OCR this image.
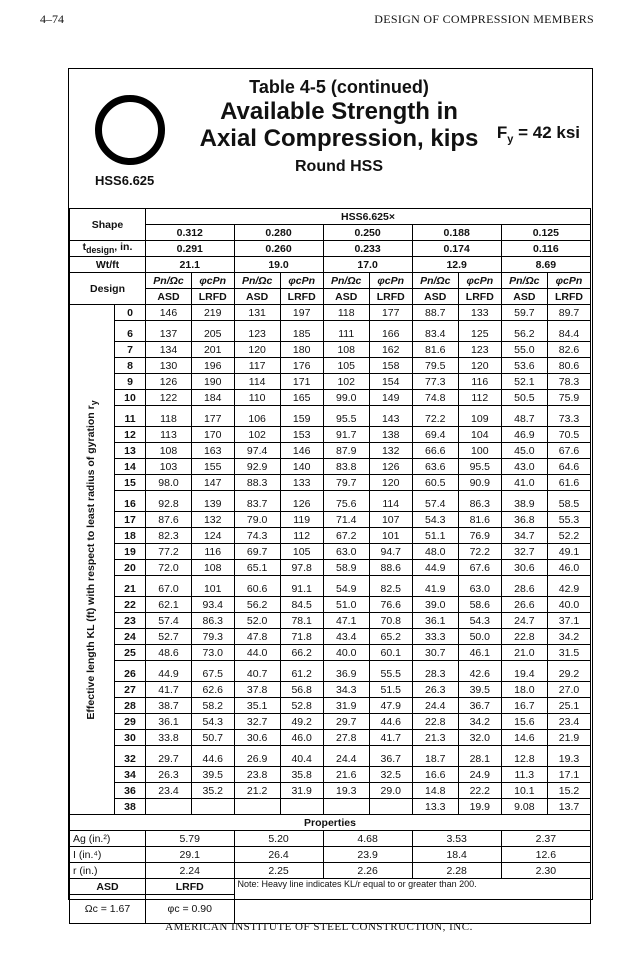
4–74	DESIGN OF COMPRESSION MEMBERS
HSS6.625
Table 4-5 (continued)
Available Strength in
Axial Compression, kips
Round HSS
$F_y = 42$ ksi
Shape		HSS6.625×									
		0.312		0.280		0.250		0.188		0.125	
$t_{design}$, in.		0.291		0.260		0.233		0.174		0.116	
Wt/ft		21.1		19.0		17.0		12.9		8.69	
Design		Pn/Ωc	φcPn	Pn/Ωc	φcPn	Pn/Ωc	φcPn	Pn/Ωc	φcPn	Pn/Ωc	φcPn
		ASD	LRFD	ASD	LRFD	ASD	LRFD	ASD	LRFD	ASD	LRFD

Effective length KL (ft) with respect to least radius of gyration $r_y$	0	146	219	131	197	118	177	88.7	133	59.7	89.7
	6	137	205	123	185	111	166	83.4	125	56.2	84.4
	7	134	201	120	180	108	162	81.6	123	55.0	82.6
	8	130	196	117	176	105	158	79.5	120	53.6	80.6
	9	126	190	114	171	102	154	77.3	116	52.1	78.3
	10	122	184	110	165	99.0	149	74.8	112	50.5	75.9
	11	118	177	106	159	95.5	143	72.2	109	48.7	73.3
	12	113	170	102	153	91.7	138	69.4	104	46.9	70.5
	13	108	163	97.4	146	87.9	132	66.6	100	45.0	67.6
	14	103	155	92.9	140	83.8	126	63.6	95.5	43.0	64.6
	15	98.0	147	88.3	133	79.7	120	60.5	90.9	41.0	61.6
	16	92.8	139	83.7	126	75.6	114	57.4	86.3	38.9	58.5
	17	87.6	132	79.0	119	71.4	107	54.3	81.6	36.8	55.3
	18	82.3	124	74.3	112	67.2	101	51.1	76.9	34.7	52.2
	19	77.2	116	69.7	105	63.0	94.7	48.0	72.2	32.7	49.1
	20	72.0	108	65.1	97.8	58.9	88.6	44.9	67.6	30.6	46.0
	21	67.0	101	60.6	91.1	54.9	82.5	41.9	63.0	28.6	42.9
	22	62.1	93.4	56.2	84.5	51.0	76.6	39.0	58.6	26.6	40.0
	23	57.4	86.3	52.0	78.1	47.1	70.8	36.1	54.3	24.7	37.1
	24	52.7	79.3	47.8	71.8	43.4	65.2	33.3	50.0	22.8	34.2
	25	48.6	73.0	44.0	66.2	40.0	60.1	30.7	46.1	21.0	31.5
	26	44.9	67.5	40.7	61.2	36.9	55.5	28.3	42.6	19.4	29.2
	27	41.7	62.6	37.8	56.8	34.3	51.5	26.3	39.5	18.0	27.0
	28	38.7	58.2	35.1	52.8	31.9	47.9	24.4	36.7	16.7	25.1
	29	36.1	54.3	32.7	49.2	29.7	44.6	22.8	34.2	15.6	23.4
	30	33.8	50.7	30.6	46.0	27.8	41.7	21.3	32.0	14.6	21.9
	32	29.7	44.6	26.9	40.4	24.4	36.7	18.7	28.1	12.8	19.3
	34	26.3	39.5	23.8	35.8	21.6	32.5	16.6	24.9	11.3	17.1
	36	23.4	35.2	21.2	31.9	19.3	29.0	14.8	22.2	10.1	15.2
	38							13.3	19.9	9.08	13.7
Properties											
Ag (in.²)		5.79		5.20		4.68		3.53		2.37	
I (in.⁴)		29.1		26.4		23.9		18.4		12.6	
r (in.)		2.24		2.25		2.26		2.28		2.30	
ASD		LRFD		Note: Heavy line indicates KL/r equal to or greater than 200.							
Ωc = 1.67		φc = 0.90									
AMERICAN INSTITUTE OF STEEL CONSTRUCTION, INC.
